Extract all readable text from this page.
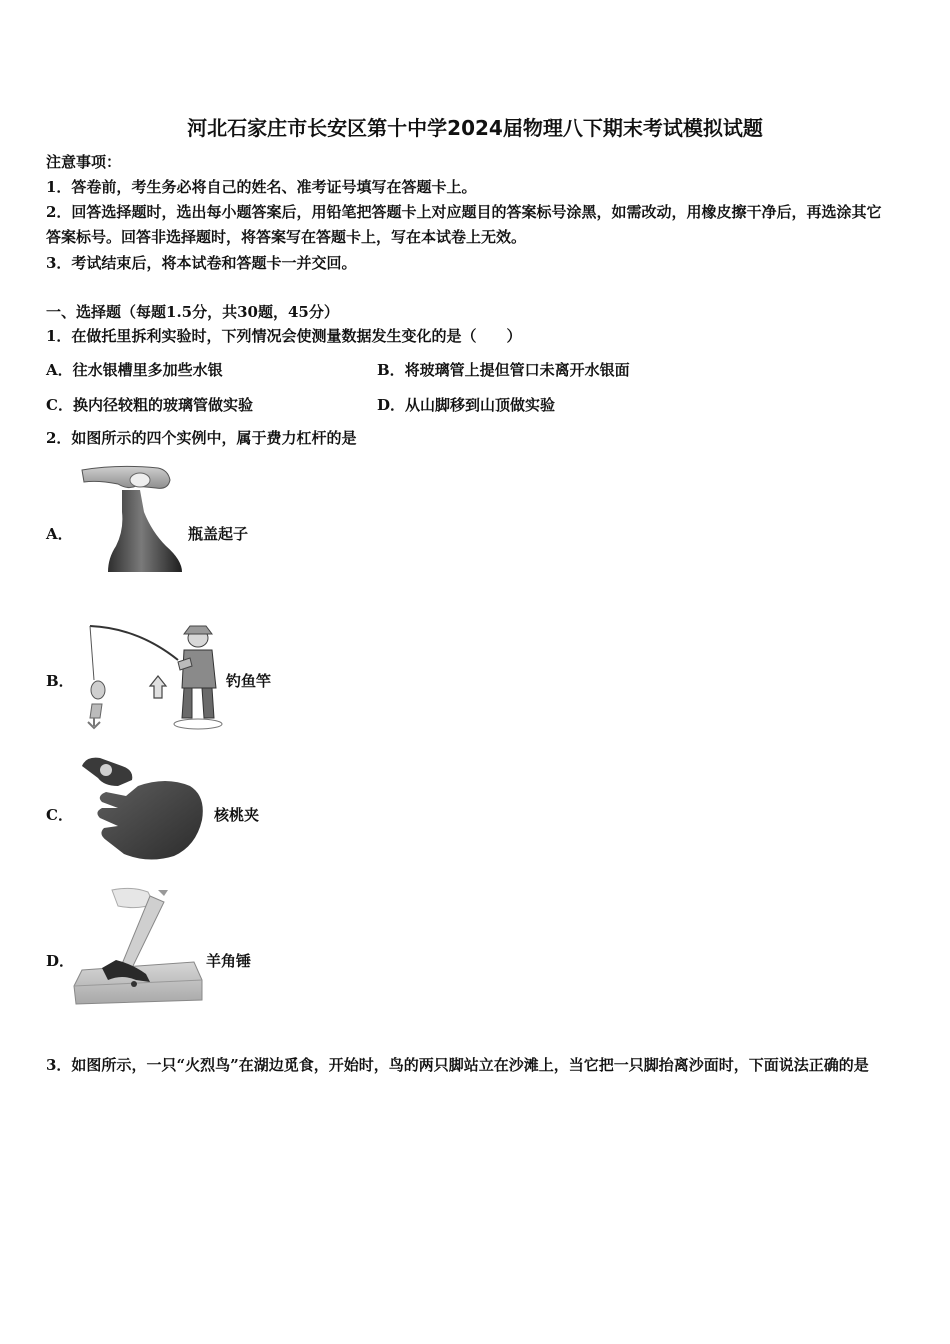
河北石家庄市长安区第十中学2024届物理八下期末考试模拟试题
注意事项：
1．答卷前，考生务必将自己的姓名、准考证号填写在答题卡上。
2．回答选择题时，选出每小题答案后，用铅笔把答题卡上对应题目的答案标号涂黑，如需改动，用橡皮擦干净后，再选涂其它答案标号。回答非选择题时，将答案写在答题卡上，写在本试卷上无效。
3．考试结束后，将本试卷和答题卡一并交回。
一、选择题（每题1.5分，共30题，45分）
1．在做托里拆利实验时，下列情况会使测量数据发生变化的是（　　）
A．往水银槽里多加些水银	B．将玻璃管上提但管口未离开水银面
C．换内径较粗的玻璃管做实验	D．从山脚移到山顶做实验
2．如图所示的四个实例中，属于费力杠杆的是
A．	瓶盖起子
B．	钓鱼竿
C．	核桃夹
D．	羊角锤
3．如图所示，一只“火烈鸟”在湖边觅食，开始时，鸟的两只脚站立在沙滩上，当它把一只脚抬离沙面时，下面说法正确的是
